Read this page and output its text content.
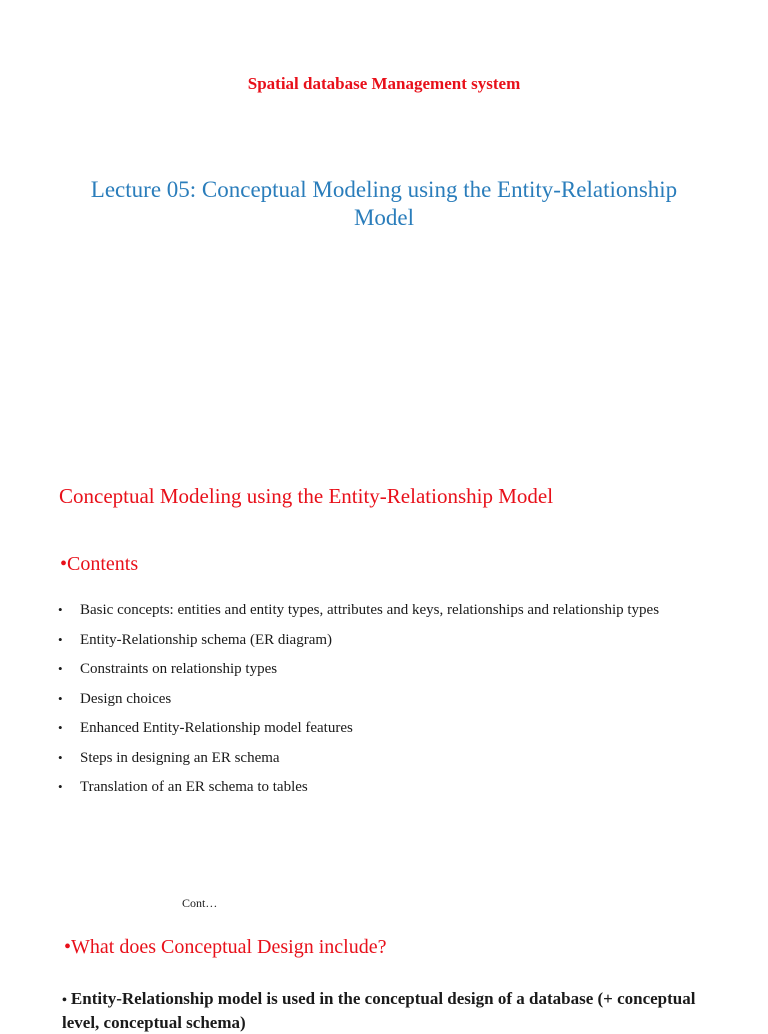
Spatial database Management system
Lecture 05: Conceptual Modeling using the Entity-Relationship Model
Conceptual Modeling using the Entity-Relationship Model
•Contents
• Basic concepts: entities and entity types, attributes and keys, relationships and relationship types
• Entity-Relationship schema (ER diagram)
• Constraints on relationship types
• Design choices
• Enhanced Entity-Relationship model features
• Steps in designing an ER schema
• Translation of an ER schema to tables
Cont…
•What does Conceptual Design include?
• Entity-Relationship model is used in the conceptual design of a database (+ conceptual level, conceptual schema)
